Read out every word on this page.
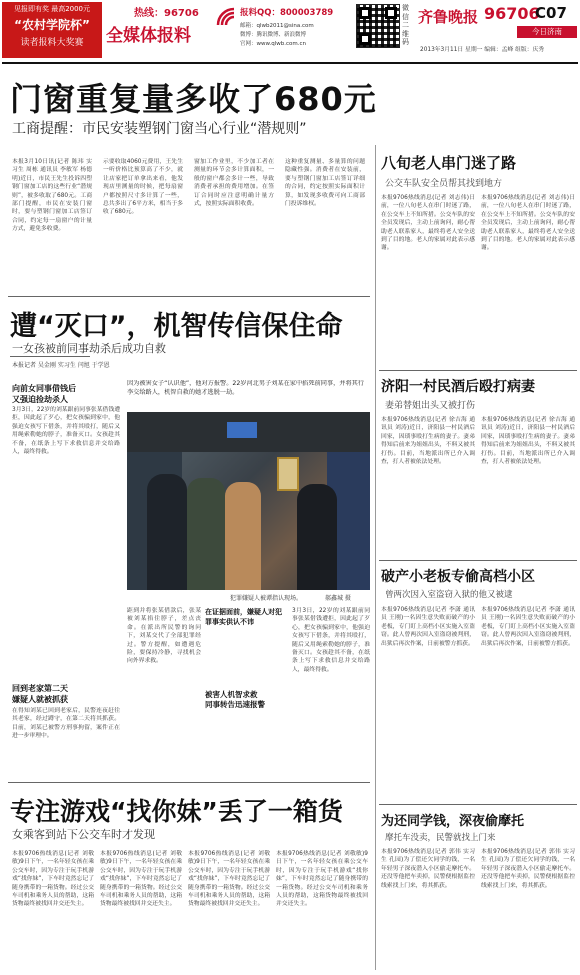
见报即有奖 最高2000元
“农村学院杯”
读者报料大奖赛
热线：96706
全媒体报料
报料QQ：800003789
邮箱：qlwb2011@sina.com
微博：腾讯微博、新浪微博
官网：www.qlwb.com.cn
微信二维码
齐鲁晚报 96706
C07
今日济南
2013年3月11日 星期一 编辑：孟峰 组版：庆秀
门窗重复量多收了680元
工商提醒：市民安装塑钢门窗当心行业“潜规则”
本报3月10日讯(记者 陈玮 实习生 周栋 通讯员 李敏军 杨德明)近日，市民王先生投诉四塑钢门窗加工店的这些行业“潜规则”，被多收取了680元。工商部门提醒，市民在安装门窗时，要与塑钢门窗加工店签订合同，约定每一扇窗户的计量方式，避免多收费。
示要收取4060元费用，王先生一听价格比预算高了不少，就让店家把订单拿出来看，他发现店里测量的时候，把每扇窗户都按照尺寸多计算了一些，总共多出了6平方米，相当于多收了680元。
窗加工作业里，不少加工者在测量的环节会多计算面积，一般的窗户都会多计一些，导致消费者承担的费用增加。在签订合同时应注意明确计量方式，按照实际面积收费。
这种重复测量、多量算的问题隐藏性强。消费者在安装前，要与塑钢门窗加工店签订详细的合同，约定按照实际面积计算，如发现多收费可向工商部门投诉维权。
遭“灭口”，机智传信保住命
一女孩被前同事劫杀后成功自救
本报记者 吴金刚 实习生 闫旭 于学恩
向前女同事借钱后
又强迫捡劫杀人
3月3日，22岁的刘某跟前同事张某借钱遭拒，因此起了歹心，把女孩骗到家中，他强迫女孩写下借条，并将其殴打，随后又用绳索勒她的脖子，准备灭口。女孩趁其不备，在纸条上写下求救信息并交给路人，最终得救。
回到老家第二天
嫌疑人就被抓获
在得知刘某已回到老家后，民警连夜赶往其老家，经过蹲守，在第二天将其抓获。目前，刘某已被警方刑事拘留，案件正在进一步审理中。
因为被害女子“认识他”，他对方报警。22岁河北男子刘某在家中掐死前同事，并将其行李交给路人，机智自救的她才逃脱一劫。
犯罪嫌疑人被谭指认现场。	郝鑫城 摄
距到并将张某借款后，张某被刘某掐住脖子，差点丧命。在派出所民警的询问下，刘某交代了全部犯罪经过。警方提醒，如遭遇危险，要保持冷静，寻找机会向外界求救。
在证据面前，嫌疑人对犯罪事实供认不讳
被害人机智求救
同事转告迅速报警
3月3日，22岁的刘某跟前同事张某借钱遭拒，因此起了歹心，把女孩骗到家中，他强迫女孩写下借条，并将其殴打，随后又用绳索勒她的脖子，准备灭口。女孩趁其不备，在纸条上写下求救信息并交给路人，最终得救。
专注游戏“找你妹”丢了一箱货
女乘客到站下公交车时才发现
本报9706热线消息(记者 刘敬敏)9日下午，一名年轻女孩在乘公交车时，因为专注于玩手机游戏“找你妹”，下车时竟然忘记了随身携带的一箱货物。经过公交车司机和乘务人员的帮助，这箱货物最终被找回并交还失主。
本报9706热线消息(记者 刘敬敏)9日下午，一名年轻女孩在乘公交车时，因为专注于玩手机游戏“找你妹”，下车时竟然忘记了随身携带的一箱货物。经过公交车司机和乘务人员的帮助，这箱货物最终被找回并交还失主。
本报9706热线消息(记者 刘敬敏)9日下午，一名年轻女孩在乘公交车时，因为专注于玩手机游戏“找你妹”，下车时竟然忘记了随身携带的一箱货物。经过公交车司机和乘务人员的帮助，这箱货物最终被找回并交还失主。
本报9706热线消息(记者 刘敬敏)9日下午，一名年轻女孩在乘公交车时，因为专注于玩手机游戏“找你妹”，下车时竟然忘记了随身携带的一箱货物。经过公交车司机和乘务人员的帮助，这箱货物最终被找回并交还失主。
八旬老人串门迷了路
公交车队安全员帮其找到地方
本报9706热线消息(记者 刘志伟)日前，一位八旬老人在串门时迷了路，在公交车上不知所措。公交车队的安全员发现后，主动上前询问，耐心帮助老人联系家人，最终将老人安全送到了目的地。老人的家属对此表示感谢。
本报9706热线消息(记者 刘志伟)日前，一位八旬老人在串门时迷了路，在公交车上不知所措。公交车队的安全员发现后，主动上前询问，耐心帮助老人联系家人，最终将老人安全送到了目的地。老人的家属对此表示感谢。
济阳一村民酒后殴打病妻
妻弟替姐出头又被打伤
本报9706热线消息(记者 徐吉海 通讯员 刘涛)近日，济阳县一村民酒后回家，因琐事殴打生病的妻子。妻弟得知后前来为姐姐出头，不料又被其打伤。目前，当地派出所已介入调查，打人者被依法处理。
本报9706热线消息(记者 徐吉海 通讯员 刘涛)近日，济阳县一村民酒后回家，因琐事殴打生病的妻子。妻弟得知后前来为姐姐出头，不料又被其打伤。目前，当地派出所已介入调查，打人者被依法处理。
破产小老板专偷高档小区
曾两次因入室盗窃入狱的他又被逮
本报9706热线消息(记者 李潇 通讯员 王刚)一名因生意失败而破产的小老板，专门盯上高档小区实施入室盗窃。此人曾两次因入室盗窃被判刑，出狱后再次作案，日前被警方抓获。
本报9706热线消息(记者 李潇 通讯员 王刚)一名因生意失败而破产的小老板，专门盯上高档小区实施入室盗窃。此人曾两次因入室盗窃被判刑，出狱后再次作案，日前被警方抓获。
为还同学钱，深夜偷摩托
摩托车没卖，民警就找上门来
本报9706热线消息(记者 郭伟 实习生 孔园)为了偿还欠同学的钱，一名年轻男子深夜潜入小区偷走摩托车。还没等他把车卖掉，民警便根据监控线索找上门来，将其抓获。
本报9706热线消息(记者 郭伟 实习生 孔园)为了偿还欠同学的钱，一名年轻男子深夜潜入小区偷走摩托车。还没等他把车卖掉，民警便根据监控线索找上门来，将其抓获。
